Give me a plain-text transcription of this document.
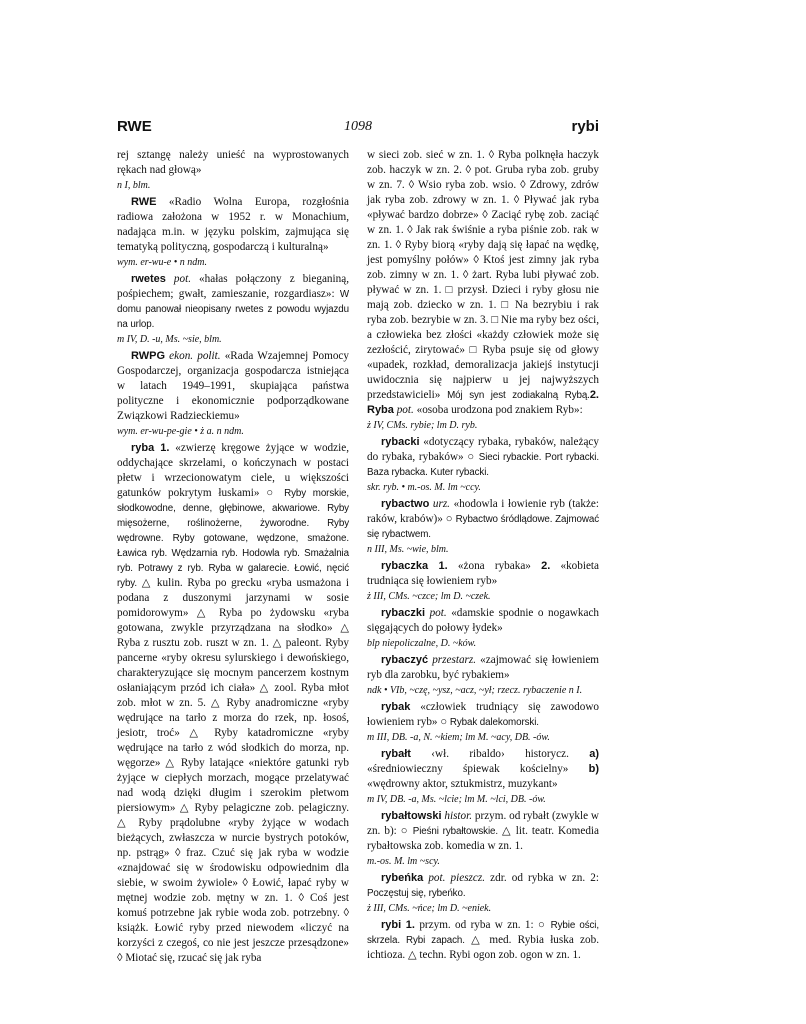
RWE	1098	rybi

rej sztangę należy unieść na wyprostowanych rękach nad głową»

n I, blm.

RWE «Radio Wolna Europa, rozgłośnia radiowa założona w 1952 r. w Monachium, nadająca m.in. w języku polskim, zajmująca się tematyką polityczną, gospodarczą i kulturalną»

wym. er-wu-e • n ndm.

rwetes pot. «hałas połączony z bieganiną, pośpiechem; gwałt, zamieszanie, rozgardiasz»: W domu panował nieopisany rwetes z powodu wyjazdu na urlop.

m IV, D. -u, Ms. ~sie, blm.

RWPG ekon. polit. «Rada Wzajemnej Pomocy Gospodarczej, organizacja gospodarcza istniejąca w latach 1949–1991, skupiająca państwa polityczne i ekonomicznie podporządkowane Związkowi Radzieckiemu»

wym. er-wu-pe-gie • ż a. n ndm.

ryba 1. «zwierzę kręgowe żyjące w wodzie, oddychające skrzelami, o kończynach w postaci płetw i wrzecionowatym ciele, u większości gatunków pokrytym łuskami» ○ Ryby morskie, słodkowodne, denne, głębinowe, akwariowe. Ryby mięsożerne, roślinożerne, żyworodne. Ryby wędrowne. Ryby gotowane, wędzone, smażone. Ławica ryb. Wędzarnia ryb. Hodowla ryb. Smażalnia ryb. Potrawy z ryb. Ryba w galarecie. Łowić, nęcić ryby. △ kulin. Ryba po grecku «ryba usmażona i podana z duszonymi jarzynami w sosie pomidorowym» △ Ryba po żydowsku «ryba gotowana, zwykle przyrządzana na słodko» △ Ryba z rusztu zob. ruszt w zn. 1. △ paleont. Ryby pancerne «ryby okresu sylurskiego i dewońskiego, charakteryzujące się mocnym pancerzem kostnym osłaniającym przód ich ciała» △ zool. Ryba młot zob. młot w zn. 5. △ Ryby anadromiczne «ryby wędrujące na tarło z morza do rzek, np. łosoś, jesiotr, troć» △ Ryby katadromiczne «ryby wędrujące na tarło z wód słodkich do morza, np. węgorze» △ Ryby latające «niektóre gatunki ryb żyjące w ciepłych morzach, mogące przelatywać nad wodą dzięki długim i szerokim płetwom piersiowym» △ Ryby pelagiczne zob. pelagiczny. △ Ryby prądolubne «ryby żyjące w wodach bieżących, zwłaszcza w nurcie bystrych potoków, np. pstrąg» ◊ fraz. Czuć się jak ryba w wodzie «znajdować się w środowisku odpowiednim dla siebie, w swoim żywiole» ◊ Łowić, łapać ryby w mętnej wodzie zob. mętny w zn. 1. ◊ Coś jest komuś potrzebne jak rybie woda zob. potrzebny. ◊ książk. Łowić ryby przed niewodem «liczyć na korzyści z czegoś, co nie jest jeszcze przesądzone» ◊ Miotać się, rzucać się jak ryba

w sieci zob. sieć w zn. 1. ◊ Ryba polknęła haczyk zob. haczyk w zn. 2. ◊ pot. Gruba ryba zob. gruby w zn. 7. ◊ Wsio ryba zob. wsio. ◊ Zdrowy, zdrów jak ryba zob. zdrowy w zn. 1. ◊ Pływać jak ryba «pływać bardzo dobrze» ◊ Zaciąć rybę zob. zaciąć w zn. 1. ◊ Jak rak świśnie a ryba piśnie zob. rak w zn. 1. ◊ Ryby biorą «ryby dają się łapać na wędkę, jest pomyślny połów» ◊ Ktoś jest zimny jak ryba zob. zimny w zn. 1. ◊ żart. Ryba lubi pływać zob. pływać w zn. 1. □ przysł. Dzieci i ryby głosu nie mają zob. dziecko w zn. 1. □ Na bezrybiu i rak ryba zob. bezrybie w zn. 3. □ Nie ma ryby bez ości, a człowieka bez złości «każdy człowiek może się zezłościć, zirytować» □ Ryba psuje się od głowy «upadek, rozkład, demoralizacja jakiejś instytucji uwidocznia się najpierw u jej najwyższych przedstawicieli» Mój syn jest zodiakalną Rybą.2. Ryba pot. «osoba urodzona pod znakiem Ryb»:

ż IV, CMs. rybie; lm D. ryb.

rybacki «dotyczący rybaka, rybaków, należący do rybaka, rybaków» ○ Sieci rybackie. Port rybacki. Baza rybacka. Kuter rybacki.

skr. ryb. • m.-os. M. lm ~ccy.

rybactwo urz. «hodowla i łowienie ryb (także: raków, krabów)» ○ Rybactwo śródlądowe. Zajmować się rybactwem.

n III, Ms. ~wie, blm.

rybaczka 1. «żona rybaka» 2. «kobieta trudniąca się łowieniem ryb»

ż III, CMs. ~czce; lm D. ~czek.

rybaczki pot. «damskie spodnie o nogawkach sięgających do połowy łydek»

blp niepoliczalne, D. ~ków.

rybaczyć przestarz. «zajmować się łowieniem ryb dla zarobku, być rybakiem»

ndk • VIb, ~czę, ~ysz, ~acz, ~ył; rzecz. rybaczenie n I.

rybak «człowiek trudniący się zawodowo łowieniem ryb» ○ Rybak dalekomorski.

m III, DB. -a, N. ~kiem; lm M. ~acy, DB. -ów.

rybałt ‹wł. ribaldo› historycz. a) «średniowieczny śpiewak kościelny» b) «wędrowny aktor, sztukmistrz, muzykant»

m IV, DB. -a, Ms. ~lcie; lm M. ~lci, DB. -ów.

rybałtowski histor. przym. od rybałt (zwykle w zn. b): ○ Pieśni rybałtowskie. △ lit. teatr. Komedia rybałtowska zob. komedia w zn. 1.

m.-os. M. lm ~scy.

rybeńka pot. pieszcz. zdr. od rybka w zn. 2: Poczęstuj się, rybeńko.

ż III, CMs. ~ńce; lm D. ~eniek.

rybi 1. przym. od ryba w zn. 1: ○ Rybie ości, skrzela. Rybi zapach. △ med. Rybia łuska zob. ichtioza. △ techn. Rybi ogon zob. ogon w zn. 1.
